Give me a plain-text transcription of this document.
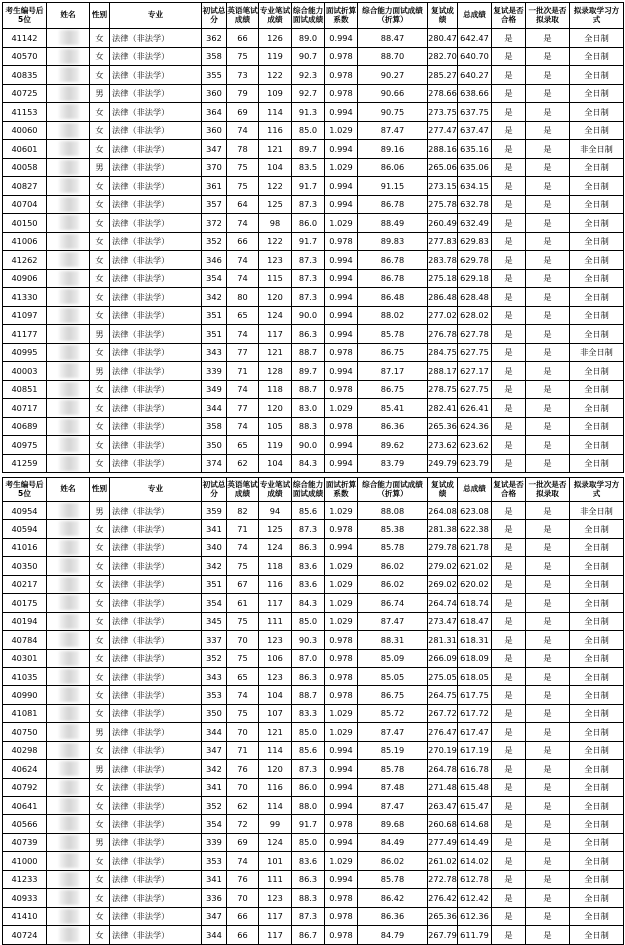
考生编号后5位	姓名	性别	专业	初试总分	英语笔试成绩	专业笔试成绩	综合能力面试成绩	面试折算系数	综合能力面试成绩（折算）	复试成绩	总成绩	复试是否合格	一批次是否拟录取	拟录取学习方式
41142		女	法律（非法学）	362	66	126	89.0	0.994	88.47	280.47	642.47	是	是	全日制
40570		女	法律（非法学）	358	75	119	90.7	0.978	88.70	282.70	640.70	是	是	全日制
40835		女	法律（非法学）	355	73	122	92.3	0.978	90.27	285.27	640.27	是	是	全日制
40725		男	法律（非法学）	360	79	109	92.7	0.978	90.66	278.66	638.66	是	是	全日制
41153		女	法律（非法学）	364	69	114	91.3	0.994	90.75	273.75	637.75	是	是	全日制
40060		女	法律（非法学）	360	74	116	85.0	1.029	87.47	277.47	637.47	是	是	全日制
40601		女	法律（非法学）	347	78	121	89.7	0.994	89.16	288.16	635.16	是	是	非全日制
40058		男	法律（非法学）	370	75	104	83.5	1.029	86.06	265.06	635.06	是	是	全日制
40827		女	法律（非法学）	361	75	122	91.7	0.994	91.15	273.15	634.15	是	是	全日制
40704		女	法律（非法学）	357	64	125	87.3	0.994	86.78	275.78	632.78	是	是	全日制
40150		女	法律（非法学）	372	74	98	86.0	1.029	88.49	260.49	632.49	是	是	全日制
41006		女	法律（非法学）	352	66	122	91.7	0.978	89.83	277.83	629.83	是	是	全日制
41262		女	法律（非法学）	346	74	123	87.3	0.994	86.78	283.78	629.78	是	是	全日制
40906		女	法律（非法学）	354	74	115	87.3	0.994	86.78	275.18	629.18	是	是	全日制
41330		女	法律（非法学）	342	80	120	87.3	0.994	86.48	286.48	628.48	是	是	全日制
41097		女	法律（非法学）	351	65	124	90.0	0.994	88.02	277.02	628.02	是	是	全日制
41177		男	法律（非法学）	351	74	117	86.3	0.994	85.78	276.78	627.78	是	是	全日制
40995		女	法律（非法学）	343	77	121	88.7	0.978	86.75	284.75	627.75	是	是	非全日制
40003		男	法律（非法学）	339	71	128	89.7	0.994	87.17	288.17	627.17	是	是	全日制
40851		女	法律（非法学）	349	74	118	88.7	0.978	86.75	278.75	627.75	是	是	全日制
40717		女	法律（非法学）	344	77	120	83.0	1.029	85.41	282.41	626.41	是	是	全日制
40689		女	法律（非法学）	358	74	105	88.3	0.978	86.36	265.36	624.36	是	是	全日制
40975		女	法律（非法学）	350	65	119	90.0	0.994	89.62	273.62	623.62	是	是	全日制
41259		女	法律（非法学）	374	62	104	84.3	0.994	83.79	249.79	623.79	是	是	全日制
考生编号后5位	姓名	性别	专业	初试总分	英语笔试成绩	专业笔试成绩	综合能力面试成绩	面试折算系数	综合能力面试成绩（折算）	复试成绩	总成绩	复试是否合格	一批次是否拟录取	拟录取学习方式
40954		男	法律（非法学）	359	82	94	85.6	1.029	88.08	264.08	623.08	是	是	非全日制
40594		女	法律（非法学）	341	71	125	87.3	0.978	85.38	281.38	622.38	是	是	全日制
41016		女	法律（非法学）	340	74	124	86.3	0.994	85.78	279.78	621.78	是	是	全日制
40350		女	法律（非法学）	342	75	118	83.6	1.029	86.02	279.02	621.02	是	是	全日制
40217		女	法律（非法学）	351	67	116	83.6	1.029	86.02	269.02	620.02	是	是	全日制
40175		女	法律（非法学）	354	61	117	84.3	1.029	86.74	264.74	618.74	是	是	全日制
40194		女	法律（非法学）	345	75	111	85.0	1.029	87.47	273.47	618.47	是	是	全日制
40784		女	法律（非法学）	337	70	123	90.3	0.978	88.31	281.31	618.31	是	是	全日制
40301		女	法律（非法学）	352	75	106	87.0	0.978	85.09	266.09	618.09	是	是	全日制
41035		女	法律（非法学）	343	65	123	86.3	0.978	85.05	275.05	618.05	是	是	全日制
40990		女	法律（非法学）	353	74	104	88.7	0.978	86.75	264.75	617.75	是	是	全日制
41081		女	法律（非法学）	350	75	107	83.3	1.029	85.72	267.72	617.72	是	是	全日制
40750		男	法律（非法学）	344	70	121	85.0	1.029	87.47	276.47	617.47	是	是	全日制
40298		女	法律（非法学）	347	71	114	85.6	0.994	85.19	270.19	617.19	是	是	全日制
40624		男	法律（非法学）	342	76	120	87.3	0.994	85.78	264.78	616.78	是	是	全日制
40792		女	法律（非法学）	341	70	116	86.0	0.994	87.48	271.48	615.48	是	是	全日制
40641		女	法律（非法学）	352	62	114	88.0	0.994	87.47	263.47	615.47	是	是	全日制
40566		女	法律（非法学）	354	72	99	91.7	0.978	89.68	260.68	614.68	是	是	全日制
40739		男	法律（非法学）	339	69	124	85.0	0.994	84.49	277.49	614.49	是	是	全日制
41000		女	法律（非法学）	353	74	101	83.6	1.029	86.02	261.02	614.02	是	是	全日制
41233		女	法律（非法学）	341	76	111	86.3	0.994	85.78	272.78	612.78	是	是	全日制
40933		女	法律（非法学）	336	70	123	88.3	0.978	86.42	276.42	612.42	是	是	全日制
41410		女	法律（非法学）	347	66	117	87.3	0.978	86.36	265.36	612.36	是	是	全日制
40724		女	法律（非法学）	344	66	117	86.7	0.978	84.79	267.79	611.79	是	是	全日制
